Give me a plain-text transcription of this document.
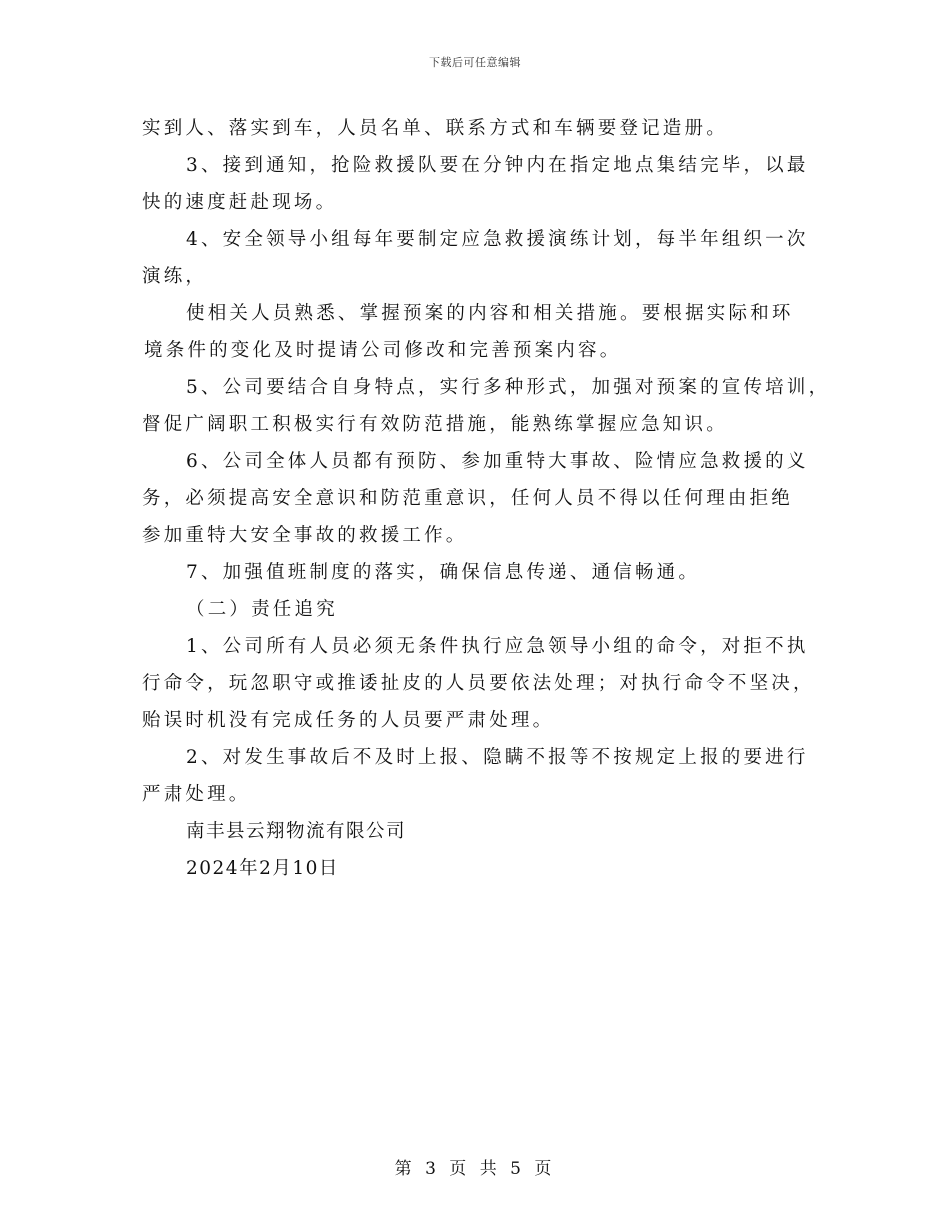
下载后可任意编辑
实到人、落实到车，人员名单、联系方式和车辆要登记造册。
3、接到通知，抢险救援队要在分钟内在指定地点集结完毕，以最
快的速度赶赴现场。
4、安全领导小组每年要制定应急救援演练计划，每半年组织一次
演练，
使相关人员熟悉、掌握预案的内容和相关措施。要根据实际和环
境条件的变化及时提请公司修改和完善预案内容。
5、公司要结合自身特点，实行多种形式，加强对预案的宣传培训，
督促广阔职工积极实行有效防范措施，能熟练掌握应急知识。
6、公司全体人员都有预防、参加重特大事故、险情应急救援的义
务，必须提高安全意识和防范重意识，任何人员不得以任何理由拒绝
参加重特大安全事故的救援工作。
7、加强值班制度的落实，确保信息传递、通信畅通。
（二）责任追究
1、公司所有人员必须无条件执行应急领导小组的命令，对拒不执
行命令，玩忽职守或推诿扯皮的人员要依法处理；对执行命令不坚决，
贻误时机没有完成任务的人员要严肃处理。
2、对发生事故后不及时上报、隐瞒不报等不按规定上报的要进行
严肃处理。
南丰县云翔物流有限公司
2024年2月10日
第 3 页 共 5 页
